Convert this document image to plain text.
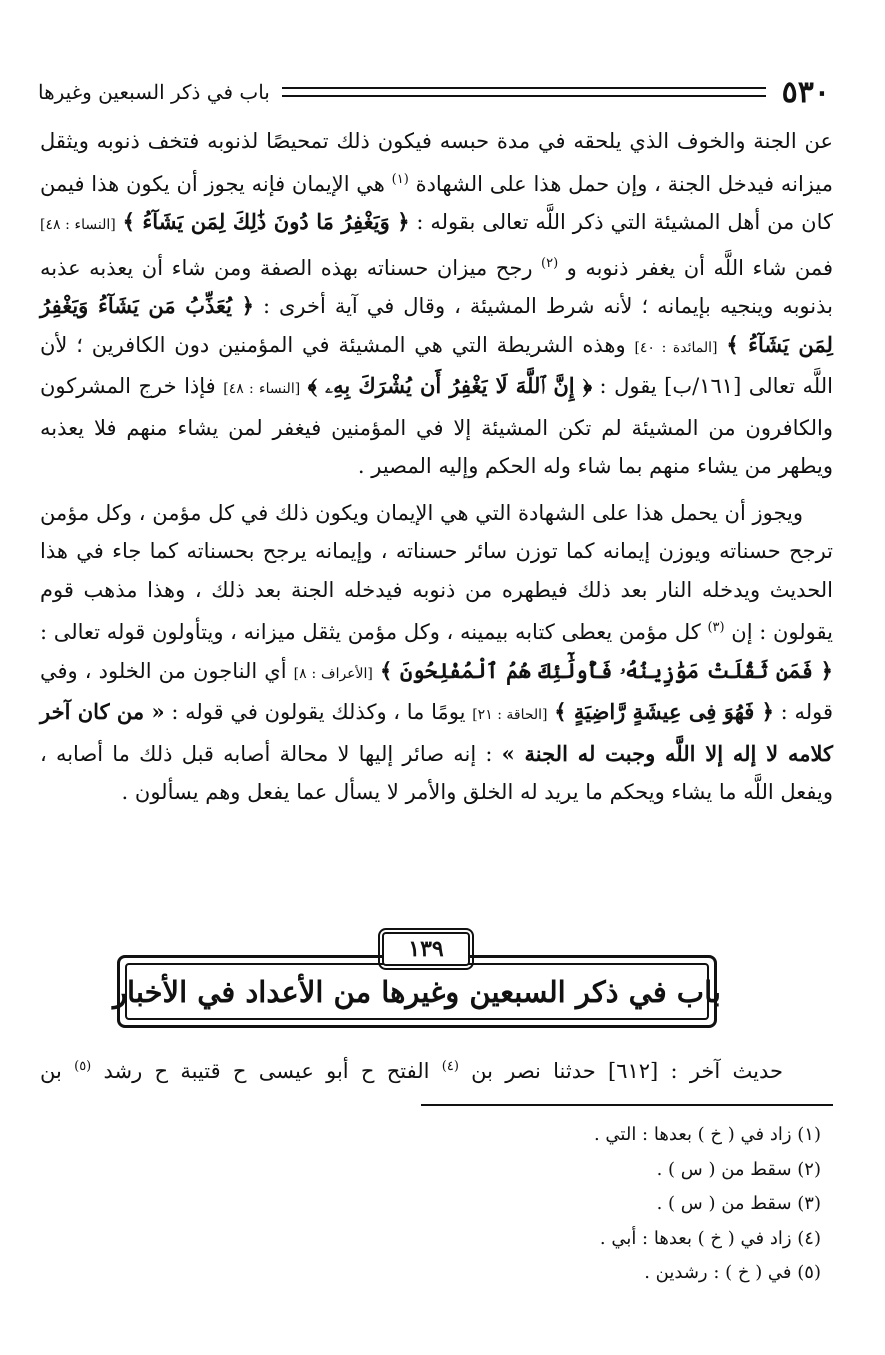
٥٣٠
باب في ذكر السبعين وغيرها

عن الجنة والخوف الذي يلحقه في مدة حبسه فيكون ذلك تمحيصًا لذنوبه فتخف ذنوبه ويثقل ميزانه فيدخل الجنة ، وإن حمل هذا على الشهادة $^{(١)}$ هي الإيمان فإنه يجوز أن يكون هذا فيمن كان من أهل المشيئة التي ذكر اللَّه تعالى بقوله : ﴿ وَيَغْفِرُ مَا دُونَ ذَٰلِكَ لِمَن يَشَآءُ ﴾ [النساء : ٤٨] فمن شاء اللَّه أن يغفر ذنوبه و $^{(٢)}$ رجح ميزان حسناته بهذه الصفة ومن شاء أن يعذبه عذبه بذنوبه وينجيه بإيمانه ؛ لأنه شرط المشيئة ، وقال في آية أخرى : ﴿ يُعَذِّبُ مَن يَشَآءُ وَيَغْفِرُ لِمَن يَشَآءُ ﴾ [المائدة : ٤٠] وهذه الشريطة التي هي المشيئة في المؤمنين دون الكافرين ؛ لأن اللَّه تعالى [١٦١/ب] يقول : ﴿ إِنَّ ٱللَّهَ لَا يَغْفِرُ أَن يُشْرَكَ بِهِۦ ﴾ [النساء : ٤٨] فإذا خرج المشركون والكافرون من المشيئة لم تكن المشيئة إلا في المؤمنين فيغفر لمن يشاء منهم فلا يعذبه ويطهر من يشاء منهم بما شاء وله الحكم وإليه المصير .

ويجوز أن يحمل هذا على الشهادة التي هي الإيمان ويكون ذلك في كل مؤمن ، وكل مؤمن ترجح حسناته ويوزن إيمانه كما توزن سائر حسناته ، وإيمانه يرجح بحسناته كما جاء في هذا الحديث ويدخله النار بعد ذلك فيطهره من ذنوبه فيدخله الجنة بعد ذلك ، وهذا مذهب قوم يقولون : إن $^{(٣)}$ كل مؤمن يعطى كتابه بيمينه ، وكل مؤمن يثقل ميزانه ، ويتأولون قوله تعالى : ﴿ فَمَن ثَقُلَتْ مَوَٰزِينُهُۥ فَأُولَٰٓئِكَ هُمُ ٱلْمُفْلِحُونَ ﴾ [الأعراف : ٨] أي الناجون من الخلود ، وفي قوله : ﴿ فَهُوَ فِى عِيشَةٍ رَّاضِيَةٍ ﴾ [الحاقة : ٢١] يومًا ما ، وكذلك يقولون في قوله : « من كان آخر كلامه لا إله إلا اللَّه وجبت له الجنة » : إنه صائر إليها لا محالة أصابه قبل ذلك ما أصابه ، ويفعل اللَّه ما يشاء ويحكم ما يريد له الخلق والأمر لا يسأل عما يفعل وهم يسألون .

باب في ذكر السبعين وغيرها من الأعداد في الأخبار
١٣٩
حديث آخر : [٦١٢] حدثنا نصر بن $^{(٤)}$ الفتح ح أبو عيسى ح قتيبة ح رشد $^{(٥)}$ بن
(١) زاد في ( خ ) بعدها : التي .
(٢) سقط من ( س ) .
(٣) سقط من ( س ) .
(٤) زاد في ( خ ) بعدها : أبي .
(٥) في ( خ ) : رشدين .
